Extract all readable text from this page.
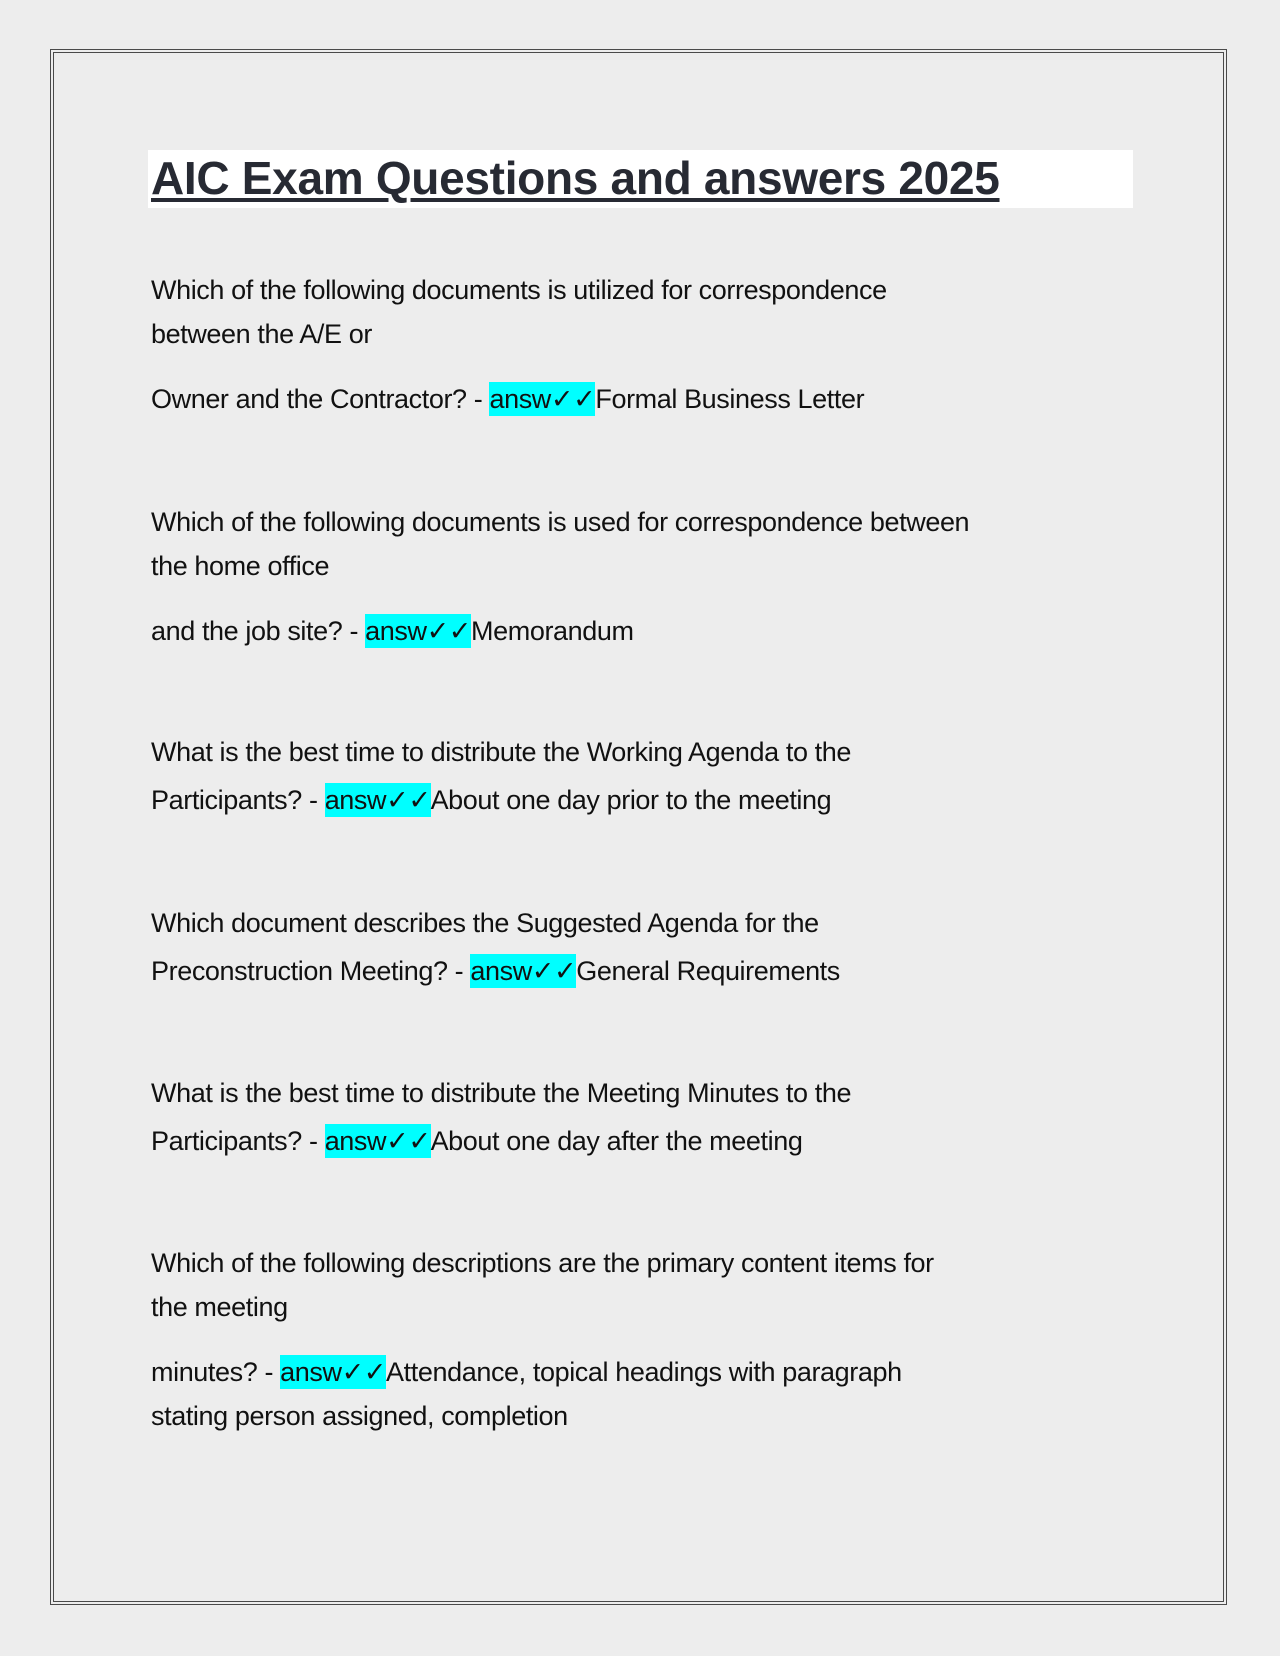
AIC Exam Questions and answers 2025

Which of the following documents is utilized for correspondence

between the A/E or

Owner and the Contractor? - answ✓✓Formal Business Letter

Which of the following documents is used for correspondence between

the home office

and the job site? - answ✓✓Memorandum

What is the best time to distribute the Working Agenda to the

Participants? - answ✓✓About one day prior to the meeting

Which document describes the Suggested Agenda for the

Preconstruction Meeting? - answ✓✓General Requirements

What is the best time to distribute the Meeting Minutes to the

Participants? - answ✓✓About one day after the meeting

Which of the following descriptions are the primary content items for

the meeting

minutes? - answ✓✓Attendance, topical headings with paragraph

stating person assigned, completion
